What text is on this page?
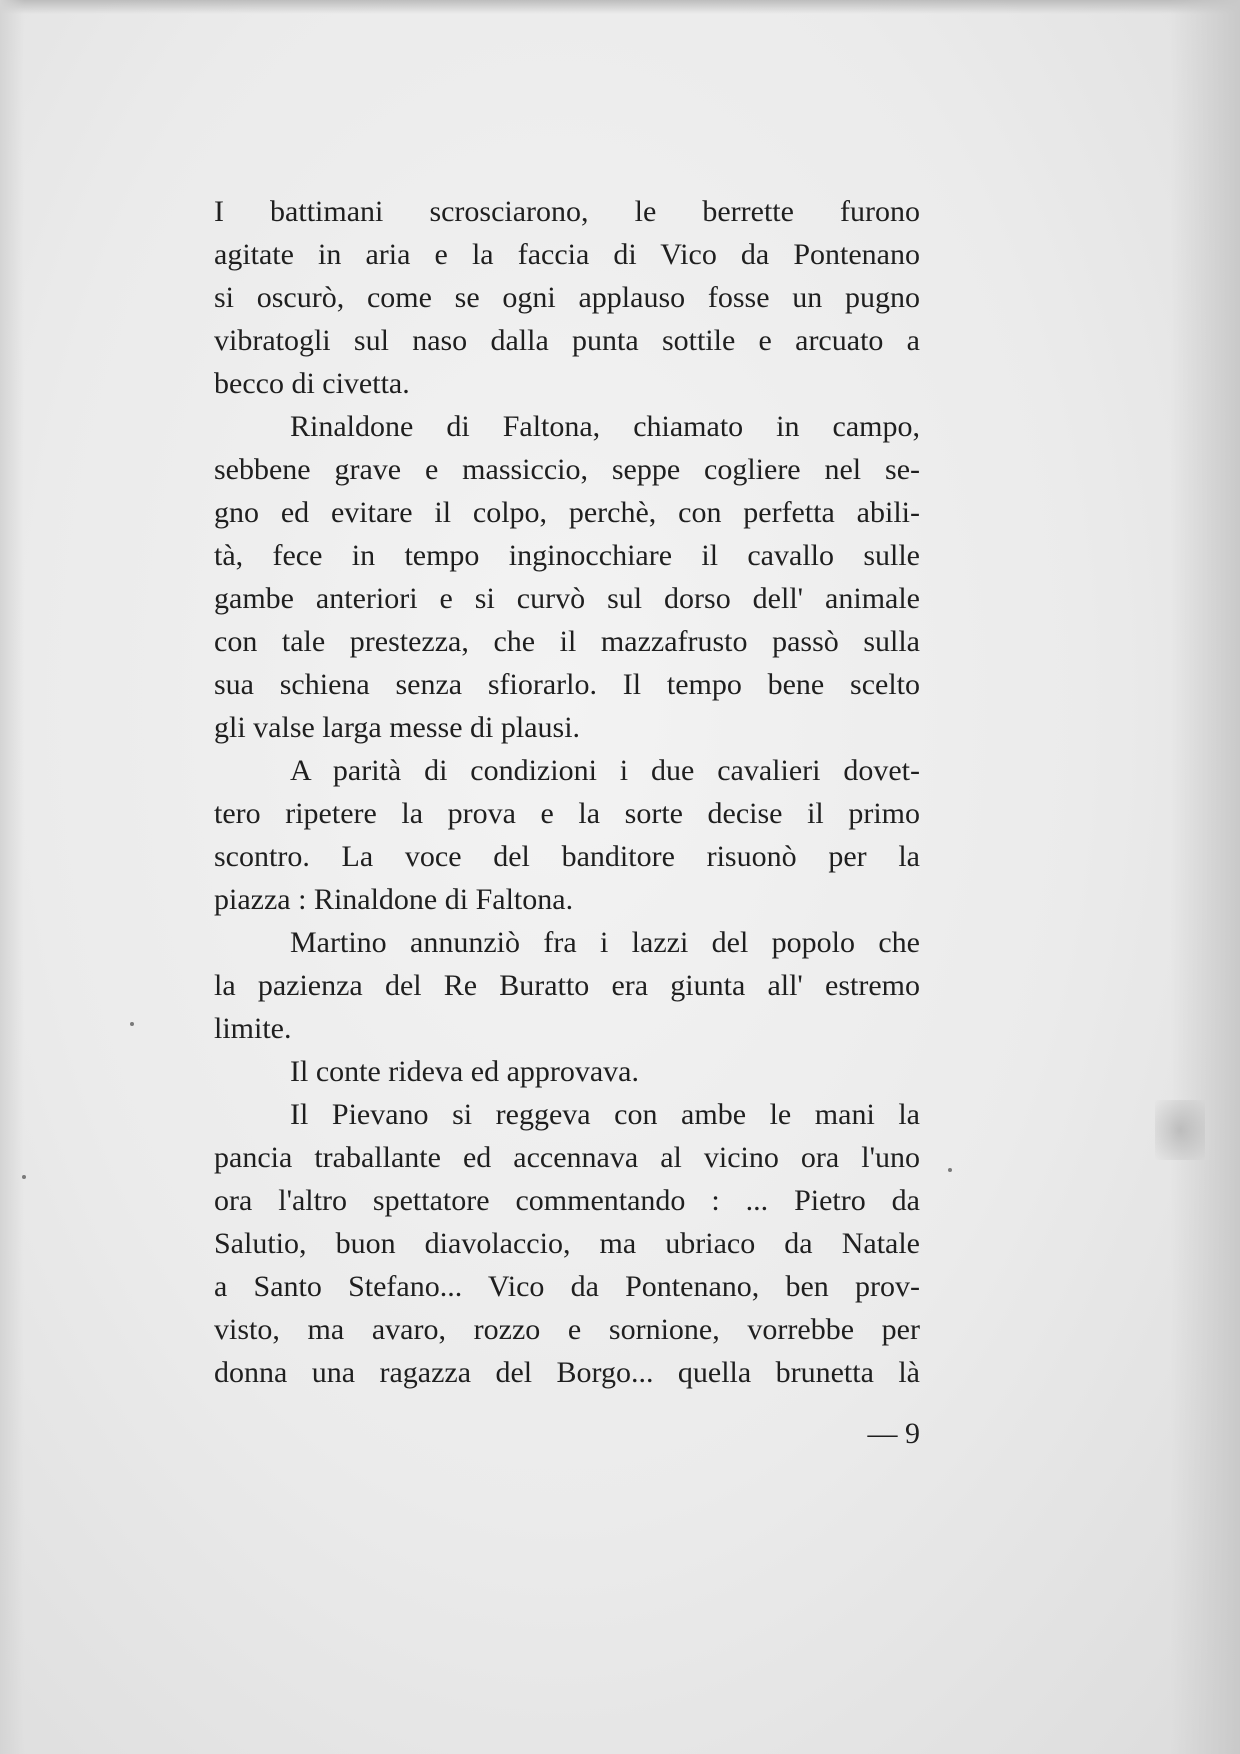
I battimani scrosciarono, le berrette furono
agitate in aria e la faccia di Vico da Pontenano
si oscurò, come se ogni applauso fosse un pugno
vibratogli sul naso dalla punta sottile e arcuato a
becco di civetta.
Rinaldone di Faltona, chiamato in campo,
sebbene grave e massiccio, seppe cogliere nel se-
gno ed evitare il colpo, perchè, con perfetta abili-
tà, fece in tempo inginocchiare il cavallo sulle
gambe anteriori e si curvò sul dorso dell' animale
con tale prestezza, che il mazzafrusto passò sulla
sua schiena senza sfiorarlo. Il tempo bene scelto
gli valse larga messe di plausi.
A parità di condizioni i due cavalieri dovet-
tero ripetere la prova e la sorte decise il primo
scontro. La voce del banditore risuonò per la
piazza : Rinaldone di Faltona.
Martino annunziò fra i lazzi del popolo che
la pazienza del Re Buratto era giunta all' estremo
limite.
Il conte rideva ed approvava.
Il Pievano si reggeva con ambe le mani la
pancia traballante ed accennava al vicino ora l'uno
ora l'altro spettatore commentando : ... Pietro da
Salutio, buon diavolaccio, ma ubriaco da Natale
a Santo Stefano... Vico da Pontenano, ben prov-
visto, ma avaro, rozzo e sornione, vorrebbe per
donna una ragazza del Borgo... quella brunetta là
— 9
